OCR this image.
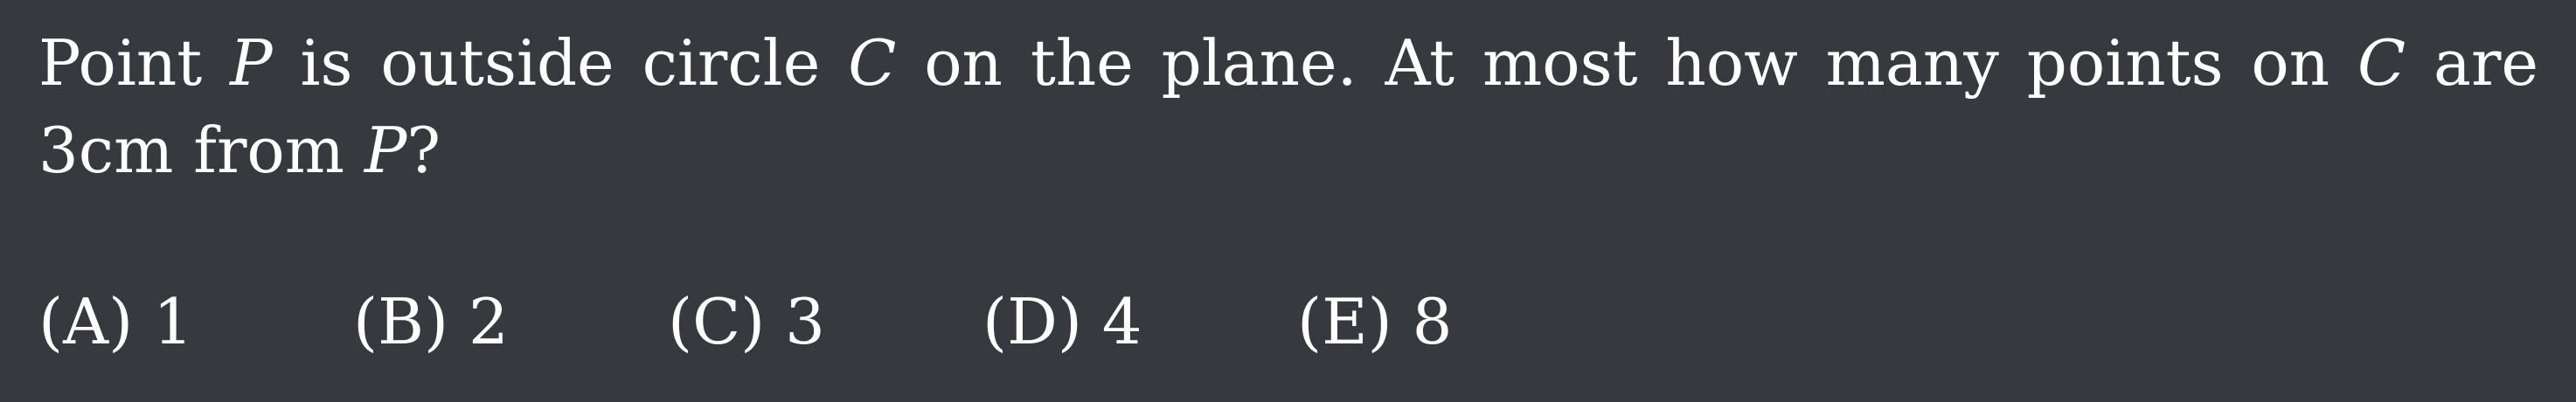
Point P is outside circle C on the plane. At most how many points on C are 3cm from P?
(A) 1	(B) 2	(C) 3	(D) 4 (E) 8
